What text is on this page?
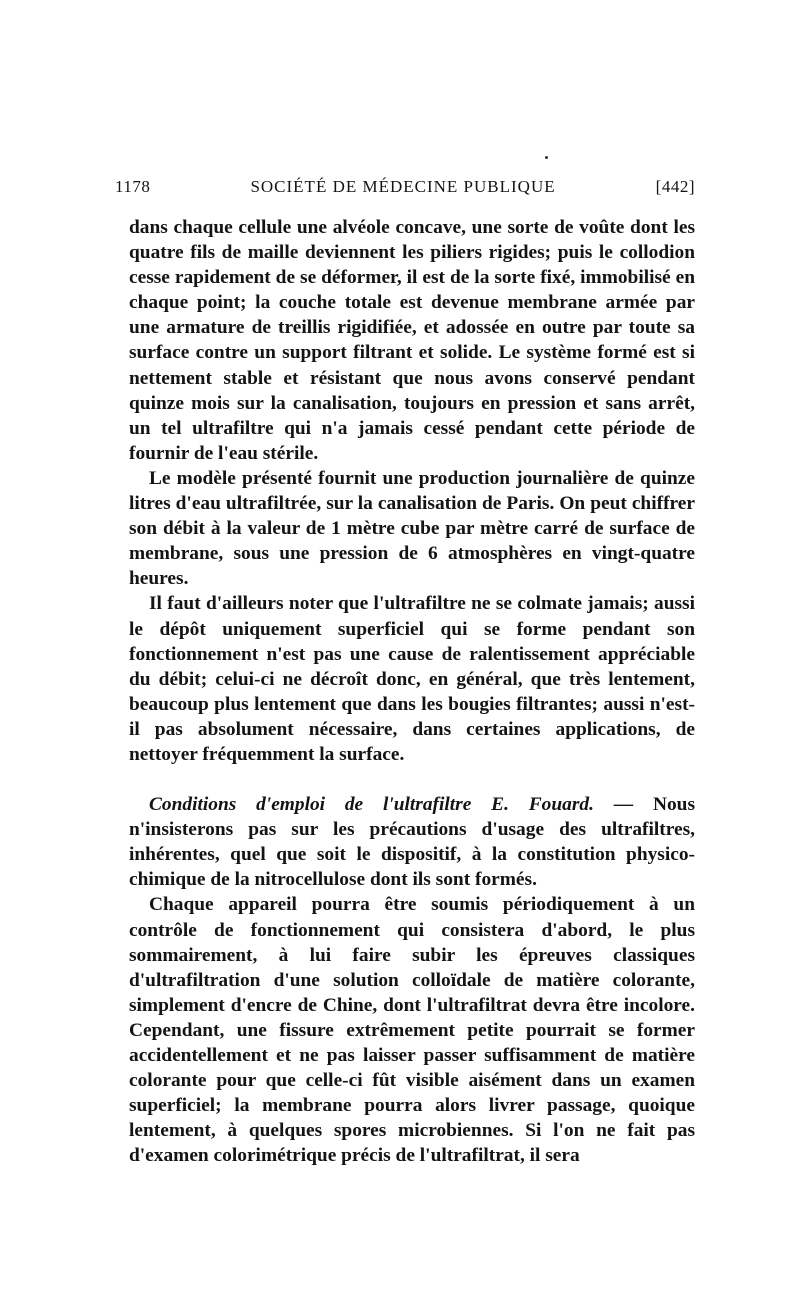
1178	SOCIÉTÉ DE MÉDECINE PUBLIQUE	[442]

dans chaque cellule une alvéole concave, une sorte de voûte dont les quatre fils de maille deviennent les piliers rigides; puis le collodion cesse rapidement de se déformer, il est de la sorte fixé, immobilisé en chaque point; la couche totale est devenue membrane armée par une armature de treillis rigidifiée, et adossée en outre par toute sa surface contre un support filtrant et solide. Le système formé est si nettement stable et résistant que nous avons conservé pendant quinze mois sur la canalisation, toujours en pression et sans arrêt, un tel ultrafiltre qui n'a jamais cessé pendant cette période de fournir de l'eau stérile.

Le modèle présenté fournit une production journalière de quinze litres d'eau ultrafiltrée, sur la canalisation de Paris. On peut chiffrer son débit à la valeur de 1 mètre cube par mètre carré de surface de membrane, sous une pression de 6 atmosphères en vingt-quatre heures.

Il faut d'ailleurs noter que l'ultrafiltre ne se colmate jamais; aussi le dépôt uniquement superficiel qui se forme pendant son fonctionnement n'est pas une cause de ralentissement appréciable du débit; celui-ci ne décroît donc, en général, que très lentement, beaucoup plus lentement que dans les bougies filtrantes; aussi n'est-il pas absolument nécessaire, dans certaines applications, de nettoyer fréquemment la surface.

Conditions d'emploi de l'ultrafiltre E. Fouard. — Nous n'insisterons pas sur les précautions d'usage des ultrafiltres, inhérentes, quel que soit le dispositif, à la constitution physico-chimique de la nitrocellulose dont ils sont formés.

Chaque appareil pourra être soumis périodiquement à un contrôle de fonctionnement qui consistera d'abord, le plus sommairement, à lui faire subir les épreuves classiques d'ultrafiltration d'une solution colloïdale de matière colorante, simplement d'encre de Chine, dont l'ultrafiltrat devra être incolore. Cependant, une fissure extrêmement petite pourrait se former accidentellement et ne pas laisser passer suffisamment de matière colorante pour que celle-ci fût visible aisément dans un examen superficiel; la membrane pourra alors livrer passage, quoique lentement, à quelques spores microbiennes. Si l'on ne fait pas d'examen colorimétrique précis de l'ultrafiltrat, il sera
